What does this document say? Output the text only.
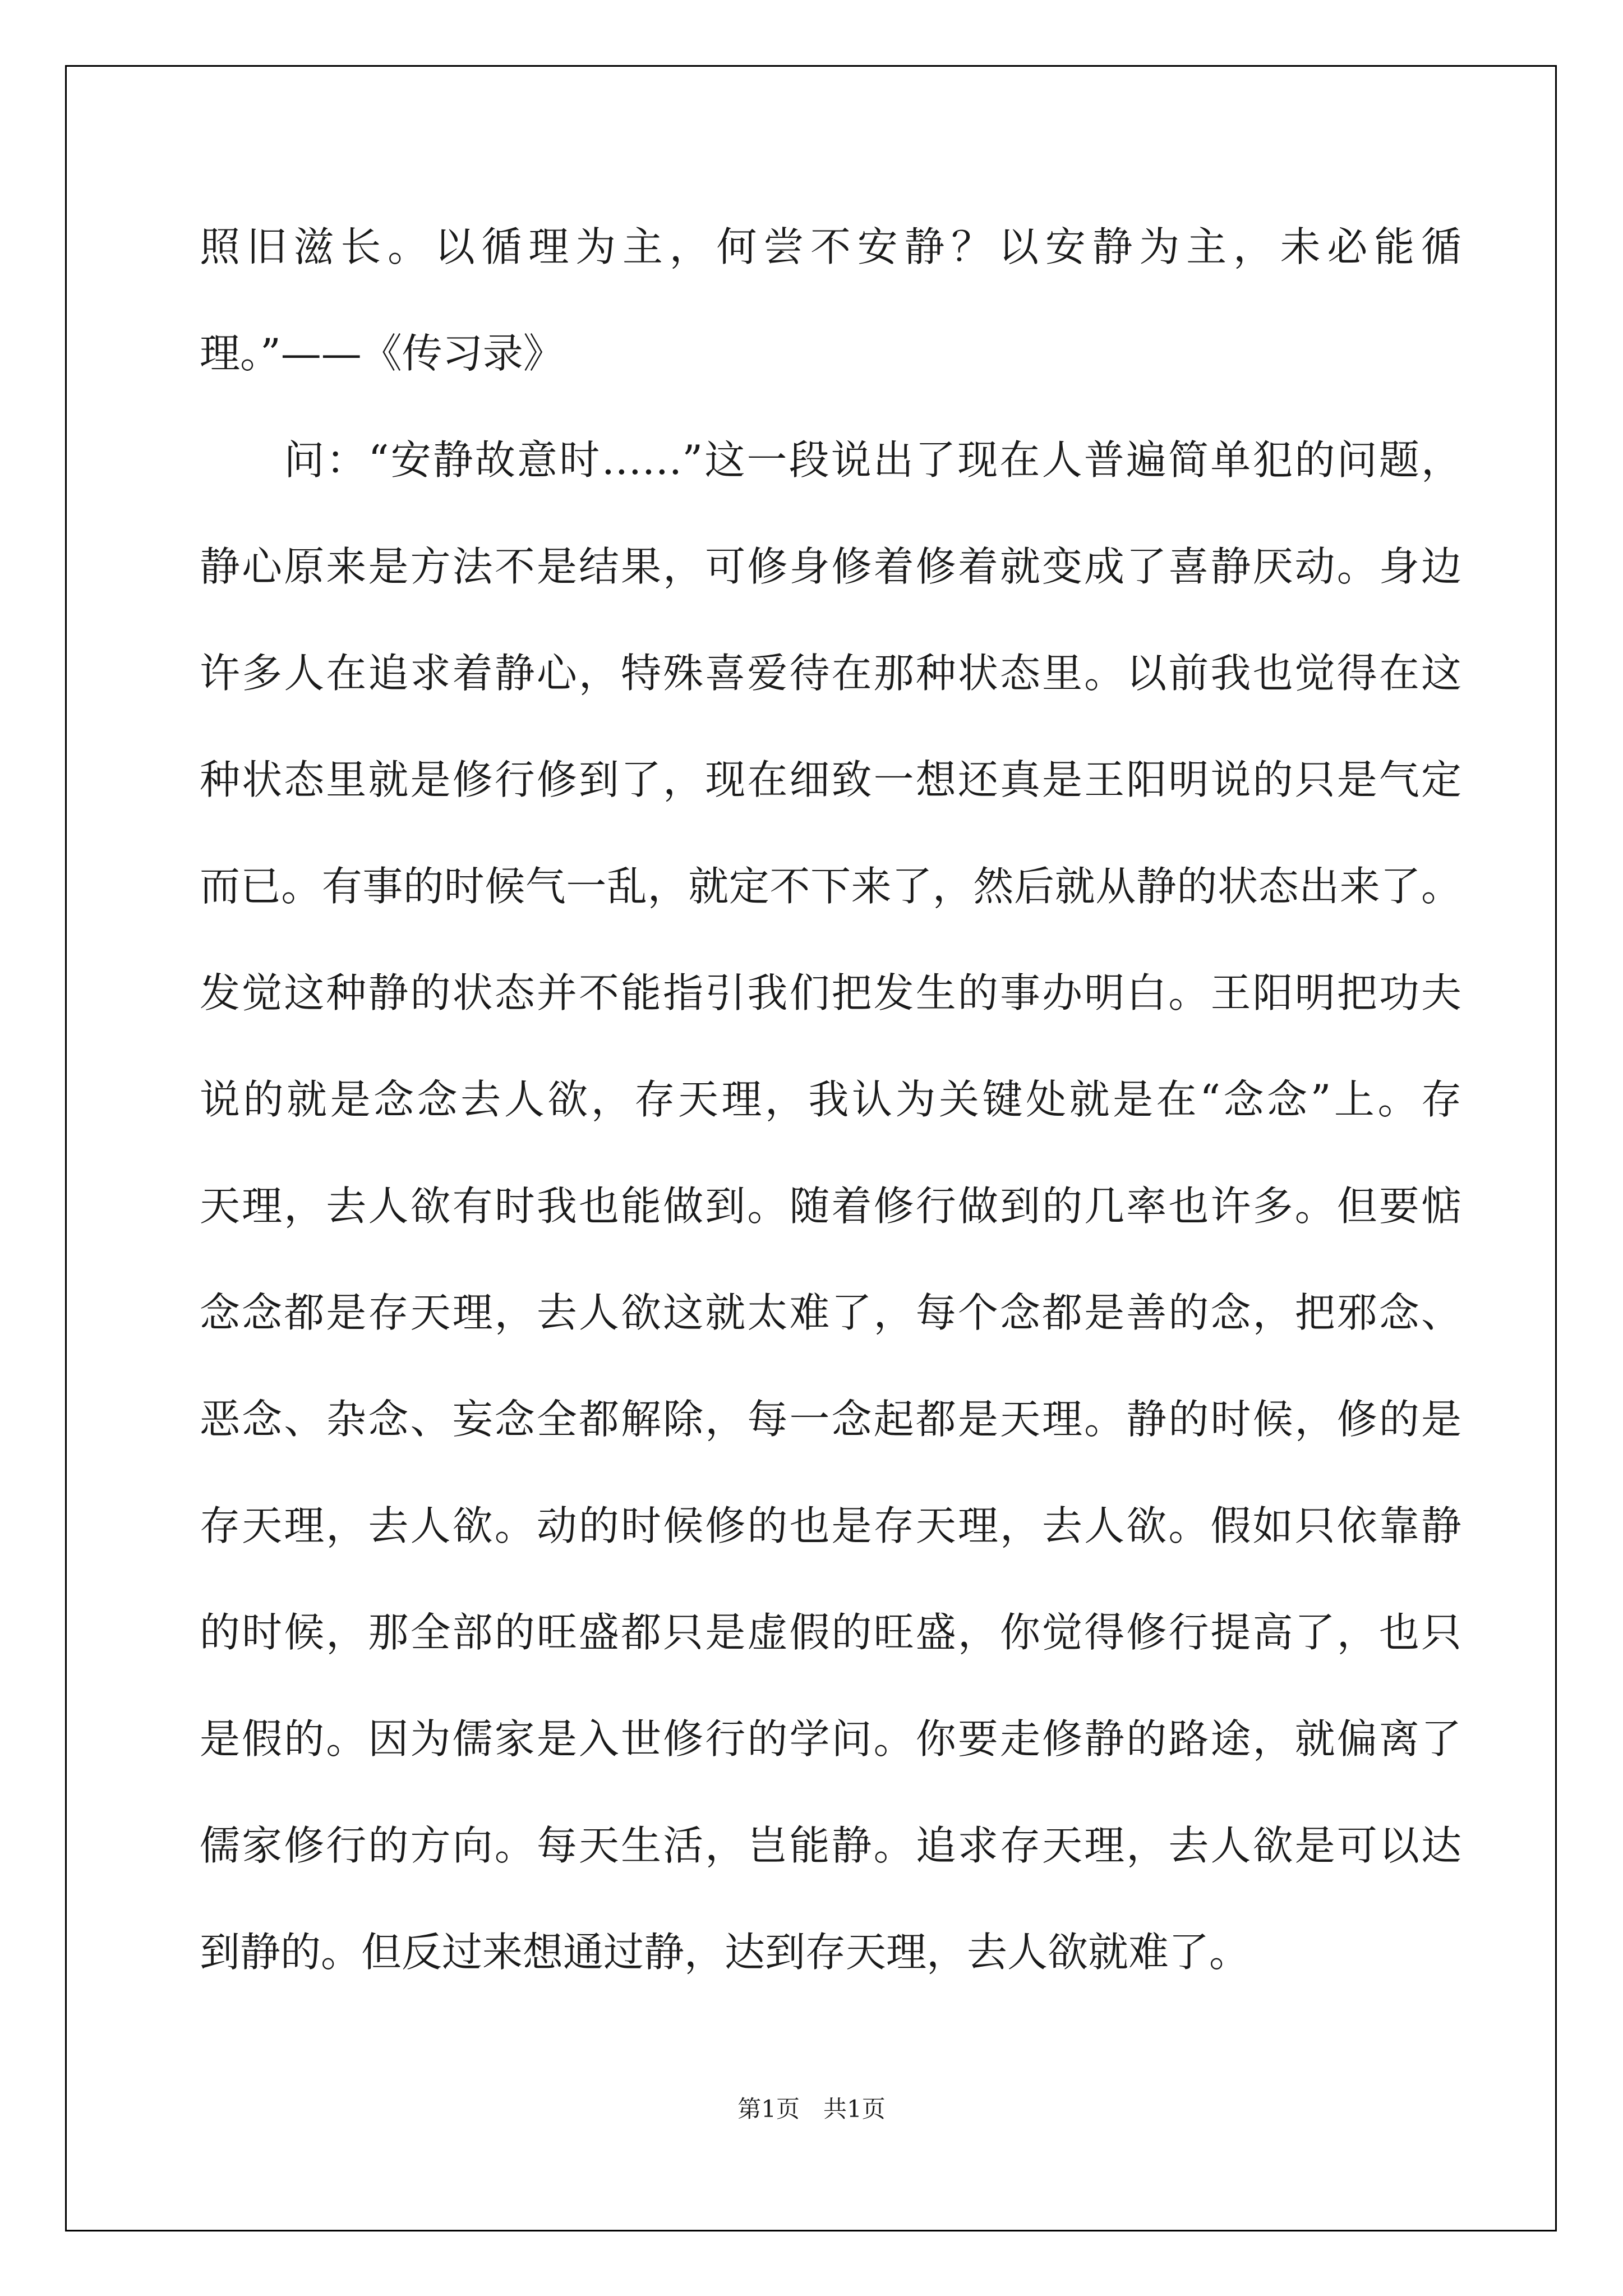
照旧滋长。以循理为主，何尝不安静？以安静为主，未必能循
理。”——《传习录》
　　问：“安静故意时……”这一段说出了现在人普遍简单犯的问题，
静心原来是方法不是结果，可修身修着修着就变成了喜静厌动。身边
许多人在追求着静心，特殊喜爱待在那种状态里。以前我也觉得在这
种状态里就是修行修到了，现在细致一想还真是王阳明说的只是气定
而已。有事的时候气一乱，就定不下来了，然后就从静的状态出来了。
发觉这种静的状态并不能指引我们把发生的事办明白。王阳明把功夫
说的就是念念去人欲，存天理，我认为关键处就是在“念念”上。存
天理，去人欲有时我也能做到。随着修行做到的几率也许多。但要惦
念念都是存天理，去人欲这就太难了，每个念都是善的念，把邪念、
恶念、杂念、妄念全都解除，每一念起都是天理。静的时候，修的是
存天理，去人欲。动的时候修的也是存天理，去人欲。假如只依靠静
的时候，那全部的旺盛都只是虚假的旺盛，你觉得修行提高了，也只
是假的。因为儒家是入世修行的学问。你要走修静的路途，就偏离了
儒家修行的方向。每天生活，岂能静。追求存天理，去人欲是可以达
到静的。但反过来想通过静，达到存天理，去人欲就难了。
第1页　共1页
